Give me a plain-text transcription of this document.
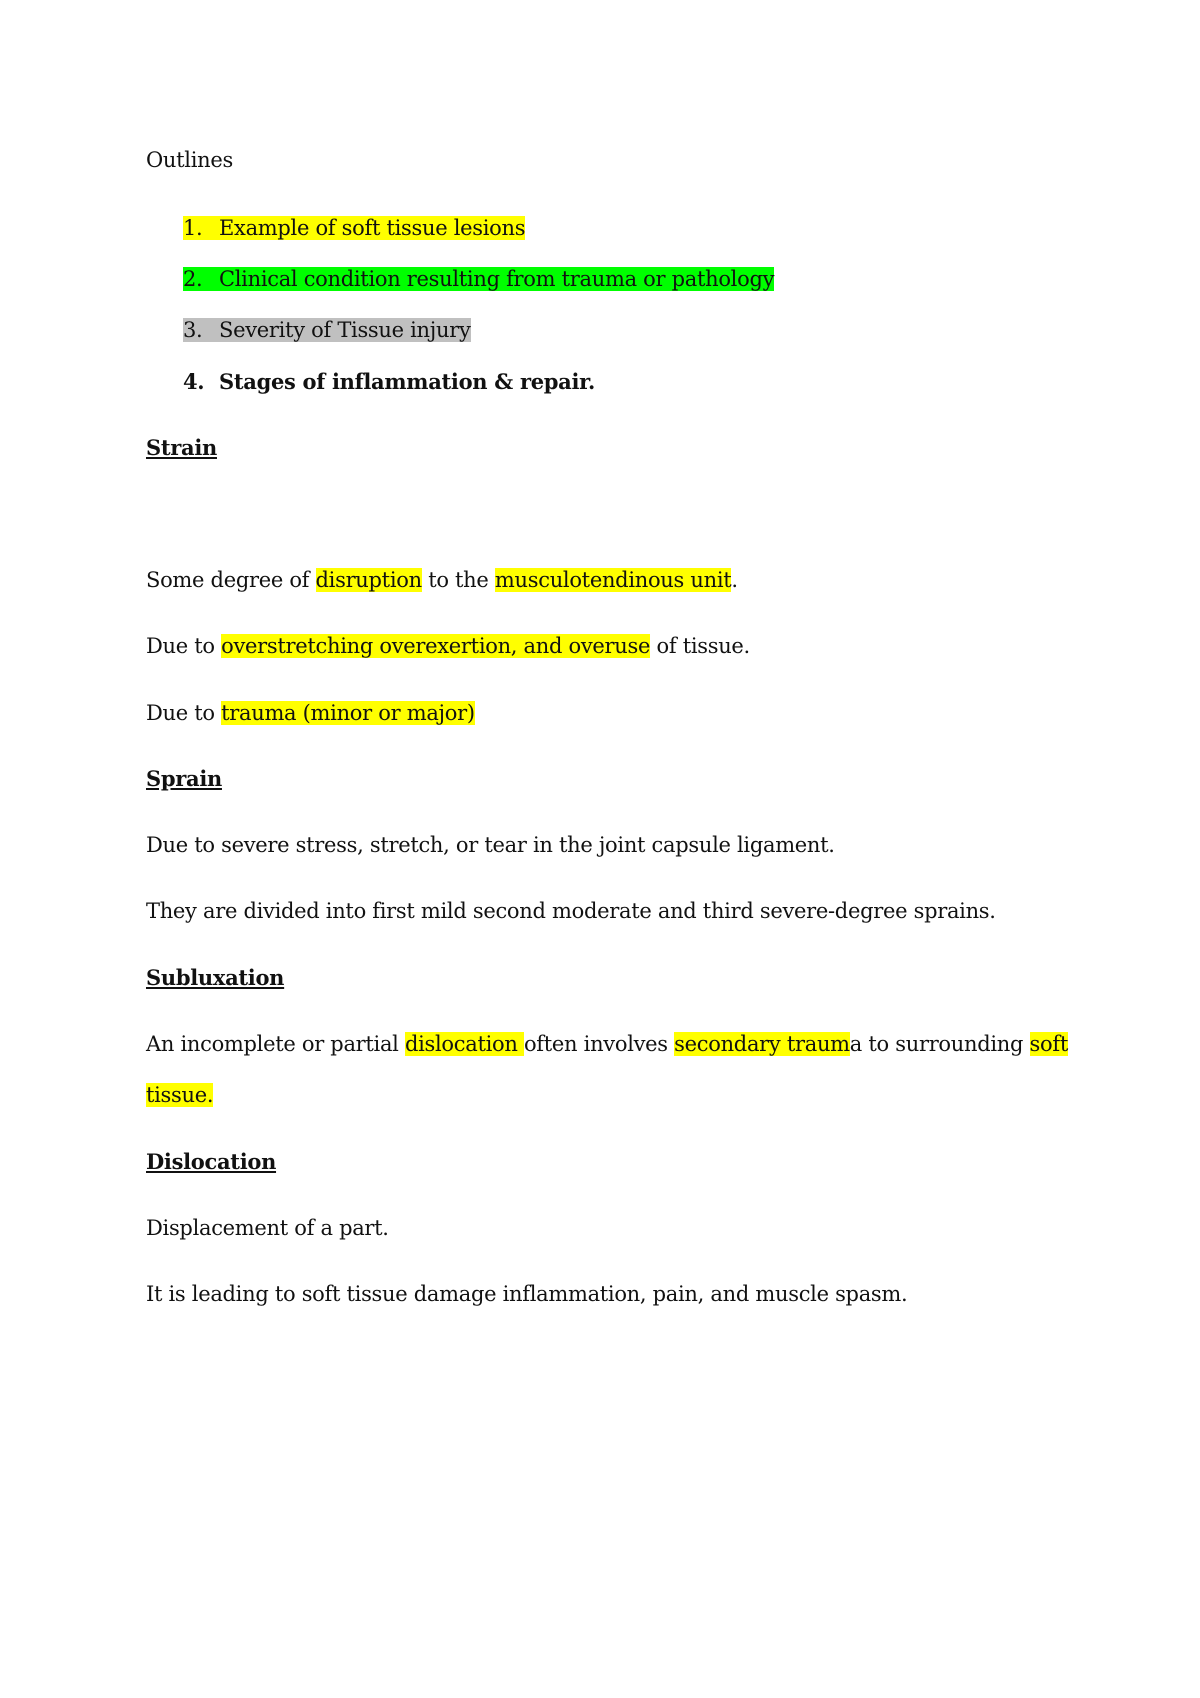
Outlines
1. Example of soft tissue lesions
2. Clinical condition resulting from trauma or pathology
3. Severity of Tissue injury
4. Stages of inflammation & repair.
Strain
Some degree of disruption to the musculotendinous unit.
Due to overstretching overexertion, and overuse of tissue.
Due to trauma (minor or major)
Sprain
Due to severe stress, stretch, or tear in the joint capsule ligament.
They are divided into first mild second moderate and third severe-degree sprains.
Subluxation
An incomplete or partial dislocation often involves secondary trauma to surrounding soft
tissue.
Dislocation
Displacement of a part.
It is leading to soft tissue damage inflammation, pain, and muscle spasm.
